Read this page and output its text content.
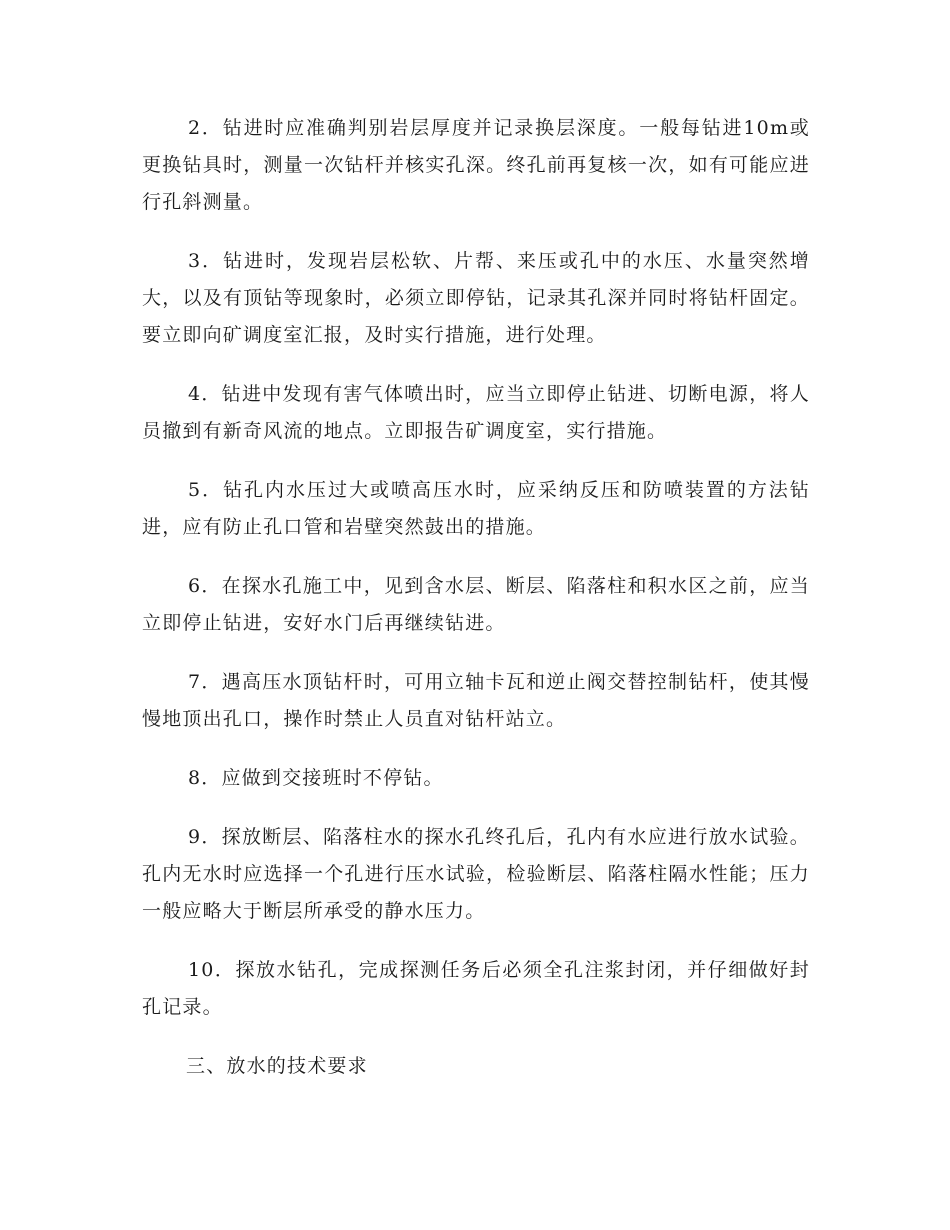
2．钻进时应准确判别岩层厚度并记录换层深度。一般每钻进10m或更换钻具时，测量一次钻杆并核实孔深。终孔前再复核一次，如有可能应进行孔斜测量。

3．钻进时，发现岩层松软、片帮、来压或孔中的水压、水量突然增大，以及有顶钻等现象时，必须立即停钻，记录其孔深并同时将钻杆固定。要立即向矿调度室汇报，及时实行措施，进行处理。

4．钻进中发现有害气体喷出时，应当立即停止钻进、切断电源，将人员撤到有新奇风流的地点。立即报告矿调度室，实行措施。

5．钻孔内水压过大或喷高压水时，应采纳反压和防喷装置的方法钻进，应有防止孔口管和岩壁突然鼓出的措施。

6．在探水孔施工中，见到含水层、断层、陷落柱和积水区之前，应当立即停止钻进，安好水门后再继续钻进。

7．遇高压水顶钻杆时，可用立轴卡瓦和逆止阀交替控制钻杆，使其慢慢地顶出孔口，操作时禁止人员直对钻杆站立。

8．应做到交接班时不停钻。

9．探放断层、陷落柱水的探水孔终孔后，孔内有水应进行放水试验。孔内无水时应选择一个孔进行压水试验，检验断层、陷落柱隔水性能；压力一般应略大于断层所承受的静水压力。

10．探放水钻孔，完成探测任务后必须全孔注浆封闭，并仔细做好封孔记录。

三、放水的技术要求
